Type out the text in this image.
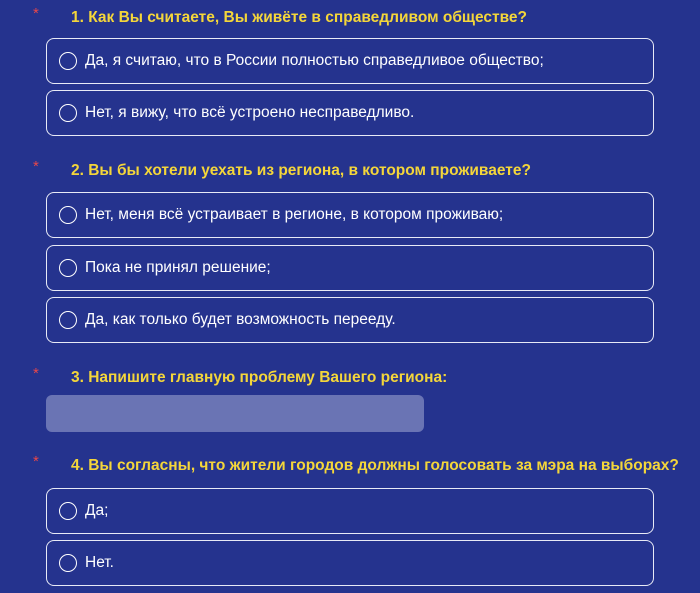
* 1. Как Вы считаете, Вы живёте в справедливом обществе?
Да, я считаю, что в России полностью справедливое общество;
Нет, я вижу, что всё устроено несправедливо.
* 2. Вы бы хотели уехать из региона, в котором проживаете?
Нет, меня всё устраивает в регионе, в котором проживаю;
Пока не принял решение;
Да, как только будет возможность перееду.
* 3. Напишите главную проблему Вашего региона:
* 4. Вы согласны, что жители городов должны голосовать за мэра на выборах?
Да;
Нет.
